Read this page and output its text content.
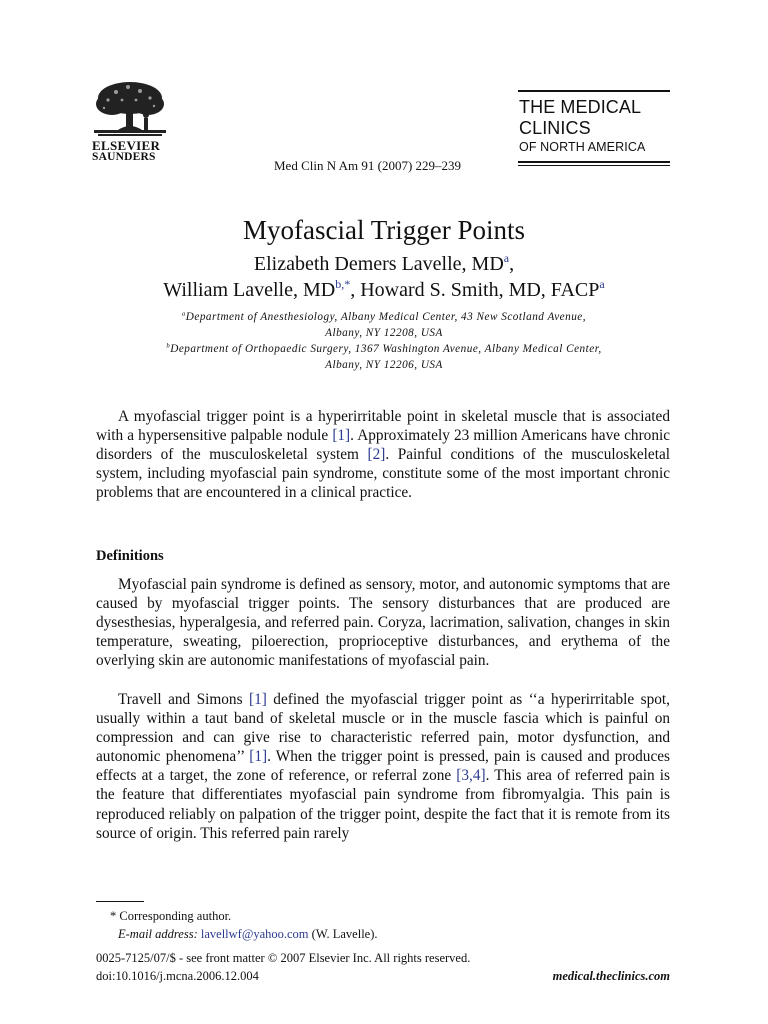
ELSEVIER
SAUNDERS
Med Clin N Am 91 (2007) 229–239
THE MEDICAL
CLINICS
OF NORTH AMERICA
Myofascial Trigger Points
Elizabeth Demers Lavelle, $MD^a$,
William Lavelle, $MD^{b,*}$, Howard S. Smith, MD, FACP$^a$
$^a$Department of Anesthesiology, Albany Medical Center, 43 New Scotland Avenue,
Albany, NY 12208, USA
$^b$Department of Orthopaedic Surgery, 1367 Washington Avenue, Albany Medical Center,
Albany, NY 12206, USA

A myofascial trigger point is a hyperirritable point in skeletal muscle that is associated with a hypersensitive palpable nodule [1]. Approximately 23 million Americans have chronic disorders of the musculoskeletal system [2]. Painful conditions of the musculoskeletal system, including myofascial pain syndrome, constitute some of the most important chronic problems that are encountered in a clinical practice.

Definitions

Myofascial pain syndrome is defined as sensory, motor, and autonomic symptoms that are caused by myofascial trigger points. The sensory disturbances that are produced are dysesthesias, hyperalgesia, and referred pain. Coryza, lacrimation, salivation, changes in skin temperature, sweating, piloerection, proprioceptive disturbances, and erythema of the overlying skin are autonomic manifestations of myofascial pain.

Travell and Simons [1] defined the myofascial trigger point as ‘‘a hyperirritable spot, usually within a taut band of skeletal muscle or in the muscle fascia which is painful on compression and can give rise to characteristic referred pain, motor dysfunction, and autonomic phenomena’’ [1]. When the trigger point is pressed, pain is caused and produces effects at a target, the zone of reference, or referral zone [3,4]. This area of referred pain is the feature that differentiates myofascial pain syndrome from fibromyalgia. This pain is reproduced reliably on palpation of the trigger point, despite the fact that it is remote from its source of origin. This referred pain rarely

* Corresponding author.
E-mail address: lavellwf@yahoo.com (W. Lavelle).
0025-7125/07/$ - see front matter © 2007 Elsevier Inc. All rights reserved.
doi:10.1016/j.mcna.2006.12.004	medical.theclinics.com
